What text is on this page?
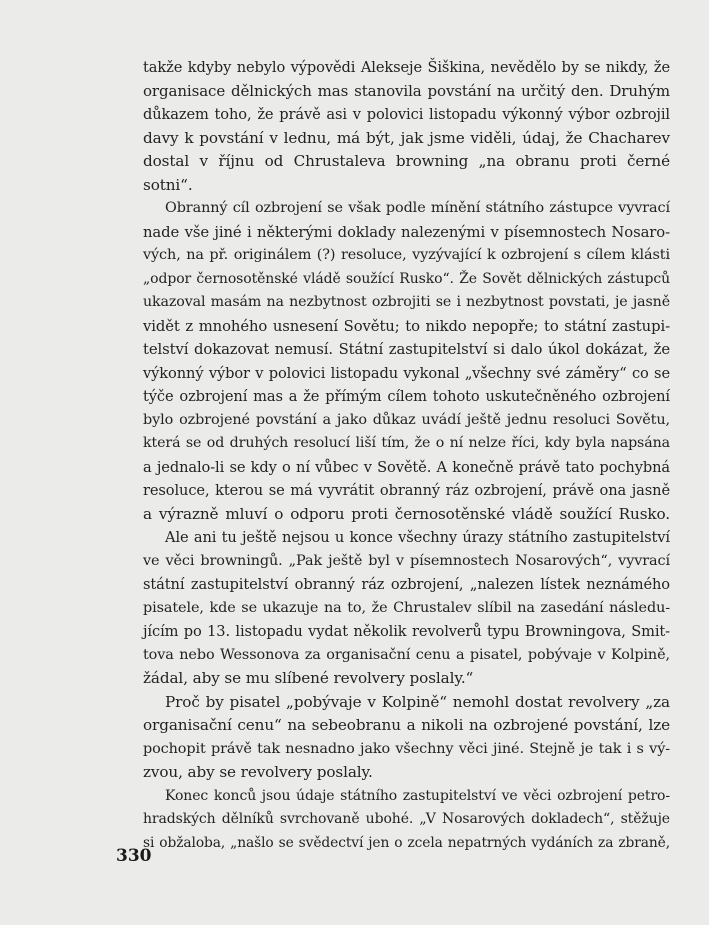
takže kdyby nebylo výpovědi Alekseje Šiškina, nevědělo by se nikdy, že
organisace dělnických mas stanovila povstání na určitý den. Druhým
důkazem toho, že právě asi v polovici listopadu výkonný výbor ozbrojil
davy k povstání v lednu, má být, jak jsme viděli, údaj, že Chacharev
dostal v říjnu od Chrustaleva browning „na obranu proti černé
sotni“.
Obranný cíl ozbrojení se však podle mínění státního zástupce vyvrací
nade vše jiné i některými doklady nalezenými v písemnostech Nosaro-
vých, na př. originálem (?) resoluce, vyzývající k ozbrojení s cílem klásti
„odpor černosotěnské vládě soužící Rusko“. Že Sovět dělnických zástupců
ukazoval masám na nezbytnost ozbrojiti se i nezbytnost povstati, je jasně
vidět z mnohého usnesení Sovětu; to nikdo nepopře; to státní zastupi-
telství dokazovat nemusí. Státní zastupitelství si dalo úkol dokázat, že
výkonný výbor v polovici listopadu vykonal „všechny své záměry“ co se
týče ozbrojení mas a že přímým cílem tohoto uskutečněného ozbrojení
bylo ozbrojené povstání a jako důkaz uvádí ještě jednu resoluci Sovětu,
která se od druhých resolucí liší tím, že o ní nelze říci, kdy byla napsána
a jednalo-li se kdy o ní vůbec v Sovětě. A konečně právě tato pochybná
resoluce, kterou se má vyvrátit obranný ráz ozbrojení, právě ona jasně
a výrazně mluví o odporu proti černosotěnské vládě soužící Rusko.
Ale ani tu ještě nejsou u konce všechny úrazy státního zastupitelství
ve věci browningů. „Pak ještě byl v písemnostech Nosarových“, vyvrací
státní zastupitelství obranný ráz ozbrojení, „nalezen lístek neznámého
pisatele, kde se ukazuje na to, že Chrustalev slíbil na zasedání následu-
jícím po 13. listopadu vydat několik revolverů typu Browningova, Smit-
tova nebo Wessonova za organisační cenu a pisatel, pobývaje v Kolpině,
žádal, aby se mu slíbené revolvery poslaly.“
Proč by pisatel „pobývaje v Kolpině“ nemohl dostat revolvery „za
organisační cenu“ na sebeobranu a nikoli na ozbrojené povstání, lze
pochopit právě tak nesnadno jako všechny věci jiné. Stejně je tak i s vý-
zvou, aby se revolvery poslaly.
Konec konců jsou údaje státního zastupitelství ve věci ozbrojení petro-
hradských dělníků svrchovaně ubohé. „V Nosarových dokladech“, stěžuje
si obžaloba, „našlo se svědectví jen o zcela nepatrných vydáních za zbraně,
330
